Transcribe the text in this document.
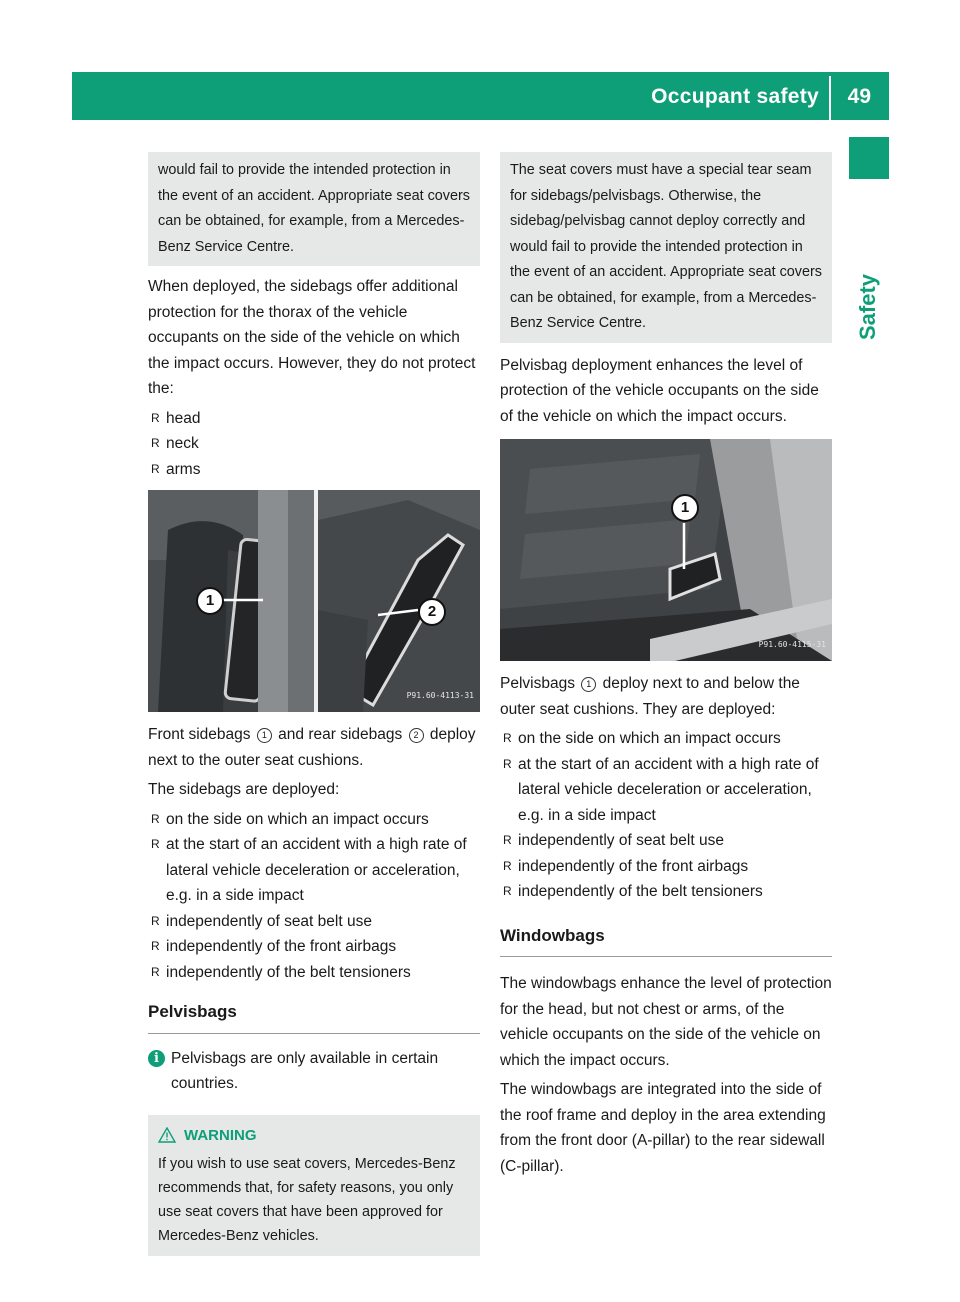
Occupant safety 49
Safety
would fail to provide the intended protection in the event of an accident. Appropriate seat covers can be obtained, for example, from a Mercedes-Benz Service Centre.

When deployed, the sidebags offer additional protection for the thorax of the vehicle occupants on the side of the vehicle on which the impact occurs. However, they do not protect the:

R head
R neck
R arms
1
2
P91.60-4113-31

Front sidebags 1 and rear sidebags 2 deploy next to the outer seat cushions.

The sidebags are deployed:

R on the side on which an impact occurs
R at the start of an accident with a high rate of lateral vehicle deceleration or acceleration, e.g. in a side impact
R independently of seat belt use
R independently of the front airbags
R independently of the belt tensioners
Pelvisbags
i Pelvisbags are only available in certain countries.
WARNING
If you wish to use seat covers, Mercedes-Benz recommends that, for safety reasons, you only use seat covers that have been approved for Mercedes-Benz vehicles.
The seat covers must have a special tear seam for sidebags/pelvisbags. Otherwise, the sidebag/pelvisbag cannot deploy correctly and would fail to provide the intended protection in the event of an accident. Appropriate seat covers can be obtained, for example, from a Mercedes-Benz Service Centre.

Pelvisbag deployment enhances the level of protection of the vehicle occupants on the side of the vehicle on which the impact occurs.

1
P91.60-4115-31

Pelvisbags 1 deploy next to and below the outer seat cushions. They are deployed:

R on the side on which an impact occurs
R at the start of an accident with a high rate of lateral vehicle deceleration or acceleration, e.g. in a side impact
R independently of seat belt use
R independently of the front airbags
R independently of the belt tensioners
Windowbags

The windowbags enhance the level of protection for the head, but not chest or arms, of the vehicle occupants on the side of the vehicle on which the impact occurs.

The windowbags are integrated into the side of the roof frame and deploy in the area extending from the front door (A-pillar) to the rear sidewall (C-pillar).
